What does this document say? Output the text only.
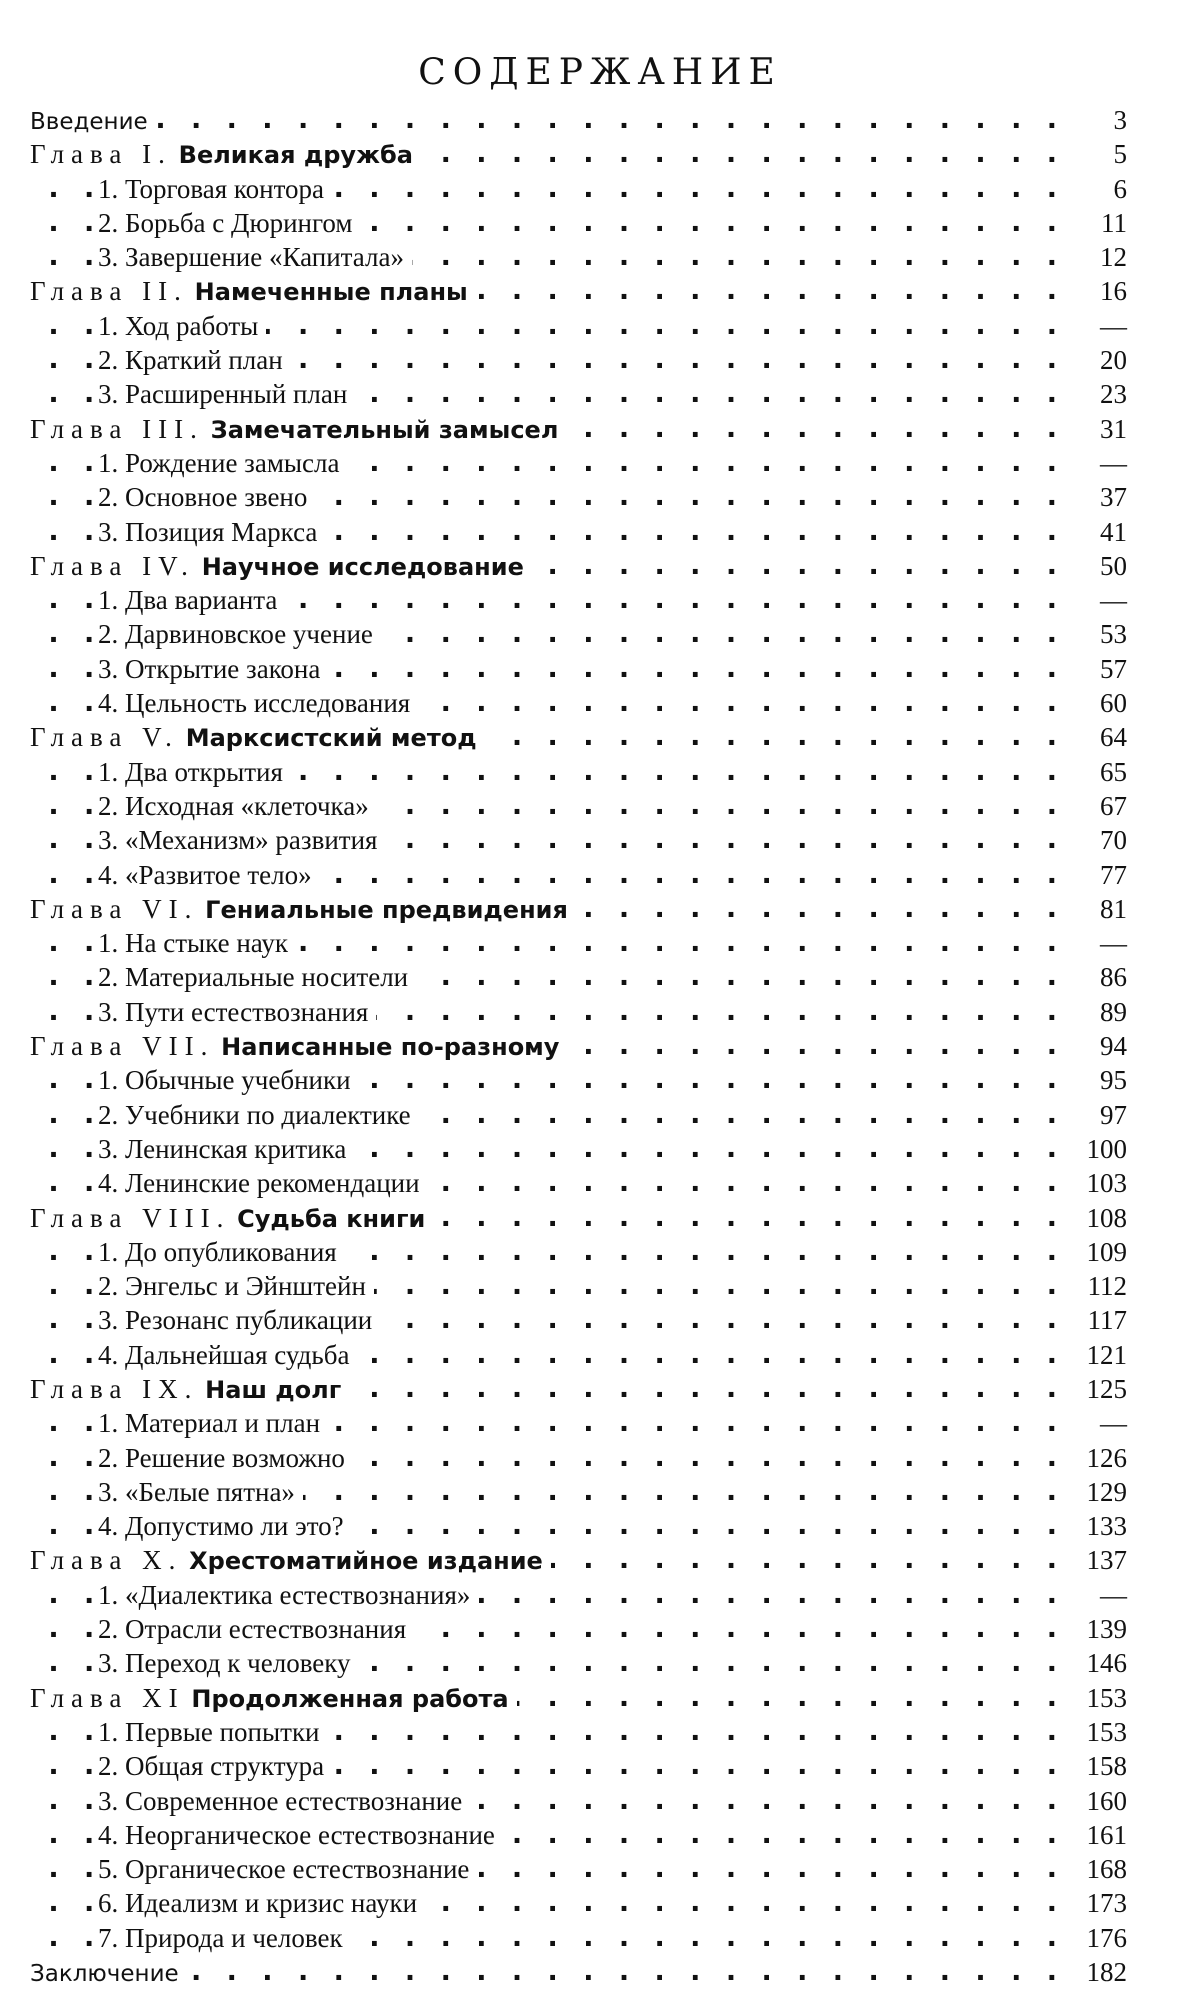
СОДЕРЖАНИЕ
. . .
Введение	3
. . .
Глава I. Великая дружба	5
. . .
1. Торговая контора	6
. . .
2. Борьба с Дюрингом	11
. . .
3. Завершение «Капитала»	12
. . .
Глава II. Намеченные планы	16
. . .
1. Ход работы	—
. . .
2. Краткий план	20
. . .
3. Расширенный план	23
. . .
Глава III. Замечательный замысел	31
. . .
1. Рождение замысла	—
. . .
2. Основное звено	37
. . .
3. Позиция Маркса	41
. . .
Глава IV. Научное исследование	50
. . .
1. Два варианта	—
. . .
2. Дарвиновское учение	53
. . .
3. Открытие закона	57
. . .
4. Цельность исследования	60
. . .
Глава V. Марксистский метод	64
. . .
1. Два открытия	65
. . .
2. Исходная «клеточка»	67
. . .
3. «Механизм» развития	70
. . .
4. «Развитое тело»	77
. . .
Глава VI. Гениальные предвидения	81
. . .
1. На стыке наук	—
. . .
2. Материальные носители	86
. . .
3. Пути естествознания	89
. . .
Глава VII. Написанные по-разному	94
. . .
1. Обычные учебники	95
. . .
2. Учебники по диалектике	97
. . .
3. Ленинская критика	100
. . .
4. Ленинские рекомендации	103
. . .
Глава VIII. Судьба книги	108
. . .
1. До опубликования	109
. . .
2. Энгельс и Эйнштейн	112
. . .
3. Резонанс публикации	117
. . .
4. Дальнейшая судьба	121
. . .
Глава IX. Наш долг	125
. . .
1. Материал и план	—
. . .
2. Решение возможно	126
. . .
3. «Белые пятна»	129
. . .
4. Допустимо ли это?	133
. . .
Глава X. Хрестоматийное издание	137
. . .
1. «Диалектика естествознания»	—
. . .
2. Отрасли естествознания	139
. . .
3. Переход к человеку	146
. . .
Глава XI Продолженная работа	153
. . .
1. Первые попытки	153
. . .
2. Общая структура	158
. . .
3. Современное естествознание	160
. . .
4. Неорганическое естествознание	161
. . .
5. Органическое естествознание	168
. . .
6. Идеализм и кризис науки	173
. . .
7. Природа и человек	176
. . .
Заключение	182
